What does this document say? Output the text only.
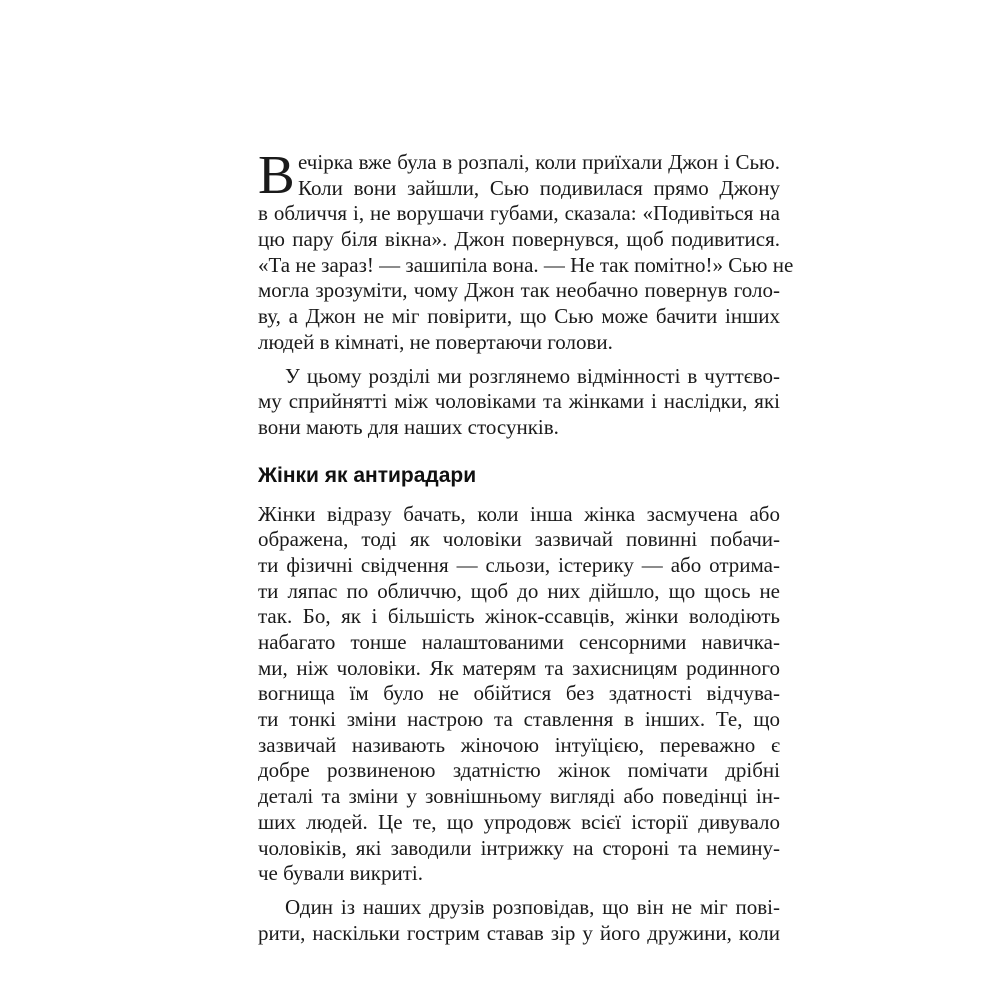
В ечірка вже була в розпалі, коли приїхали Джон і Сью.
Коли вони зайшли, Сью подивилася прямо Джону
в обличчя і, не ворушачи губами, сказала: «Подивіться на
цю пару біля вікна». Джон повернувся, щоб подивитися.
«Та не зараз! — зашипіла вона. — Не так помітно!» Сью не
могла зрозуміти, чому Джон так необачно повернув голо-
ву, а Джон не міг повірити, що Сью може бачити інших
людей в кімнаті, не повертаючи голови.
У цьому розділі ми розглянемо відмінності в чуттєво-
му сприйнятті між чоловіками та жінками і наслідки, які
вони мають для наших стосунків.
Жінки як антирадари
Жінки відразу бачать, коли інша жінка засмучена або
ображена, тоді як чоловіки зазвичай повинні побачи-
ти фізичні свідчення — сльози, істерику — або отрима-
ти ляпас по обличчю, щоб до них дійшло, що щось не
так. Бо, як і більшість жінок-ссавців, жінки володіють
набагато тонше налаштованими сенсорними навичка-
ми, ніж чоловіки. Як матерям та захисницям родинного
вогнища їм було не обійтися без здатності відчува-
ти тонкі зміни настрою та ставлення в інших. Те, що
зазвичай називають жіночою інтуїцією, переважно є
добре розвиненою здатністю жінок помічати дрібні
деталі та зміни у зовнішньому вигляді або поведінці ін-
ших людей. Це те, що упродовж всієї історії дивувало
чоловіків, які заводили інтрижку на стороні та немину-
че бували викриті.
Один із наших друзів розповідав, що він не міг пові-
рити, наскільки гострим ставав зір у його дружини, коли
